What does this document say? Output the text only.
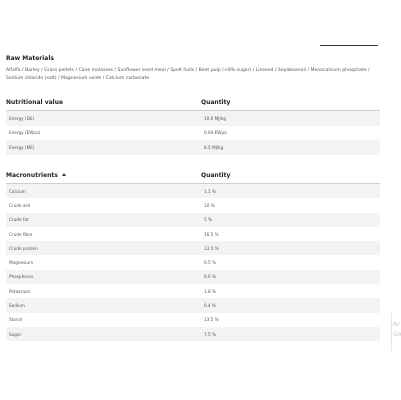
Raw Materials
Alfalfa / Barley / Grass pellets / Cane molasses / Sunflower seed meal / Spelt hulls / Beet pulp (<8% sugar) / Linseed / Soyabeanoil / Monocalcium phosphate / Sodium chloride (salt) / Magnesium oxide / Calcium carbonate
Nutritional value	Quantity
Energy (DE)	10.0 MJ/kg
Energy (EWpa)	0.64 EWpa
Energy (ME)	8.5 MJ/kg
Macronutrients	Quantity
Calcium	1.1 %
Crude ash	10 %
Crude fat	5 %
Crude fibre	16.5 %
Crude protein	13.5 %
Magnesium	0.5 %
Phosphorus	0.6 %
Potassium	1.8 %
Sodium	0.4 %
Starch	13.5 %
Sugar	7.5 %
Ac
Go
